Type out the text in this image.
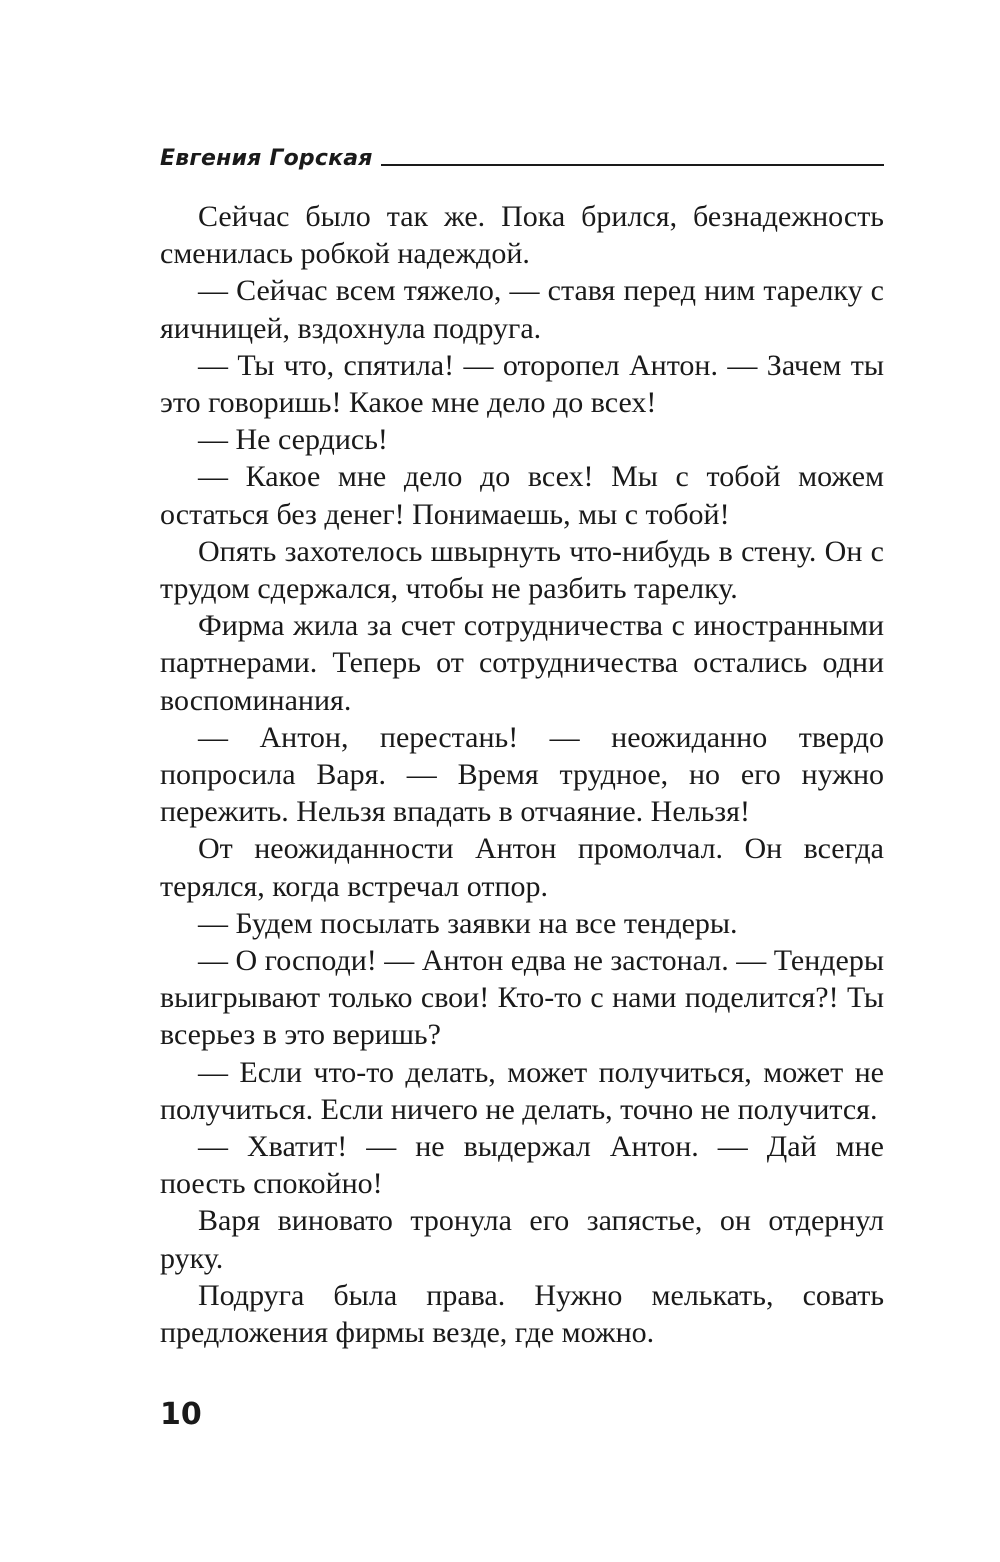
Евгения Горская

Сейчас было так же. Пока брился, безнадежность сменилась робкой надеждой.

— Сейчас всем тяжело, — ставя перед ним тарелку с яичницей, вздохнула подруга.

— Ты что, спятила! — оторопел Антон. — Зачем ты это говоришь! Какое мне дело до всех!

— Не сердись!

— Какое мне дело до всех! Мы с тобой можем остаться без денег! Понимаешь, мы с тобой!

Опять захотелось швырнуть что-нибудь в стену. Он с трудом сдержался, чтобы не разбить тарелку.

Фирма жила за счет сотрудничества с иностранными партнерами. Теперь от сотрудничества остались одни воспоминания.

— Антон, перестань! — неожиданно твердо попросила Варя. — Время трудное, но его нужно пережить. Нельзя впадать в отчаяние. Нельзя!

От неожиданности Антон промолчал. Он всегда терялся, когда встречал отпор.

— Будем посылать заявки на все тендеры.

— О господи! — Антон едва не застонал. — Тендеры выигрывают только свои! Кто-то с нами поделится?! Ты всерьез в это веришь?

— Если что-то делать, может получиться, может не получиться. Если ничего не делать, точно не получится.

— Хватит! — не выдержал Антон. — Дай мне поесть спокойно!

Варя виновато тронула его запястье, он отдернул руку.

Подруга была права. Нужно мелькать, совать предложения фирмы везде, где можно.

10
